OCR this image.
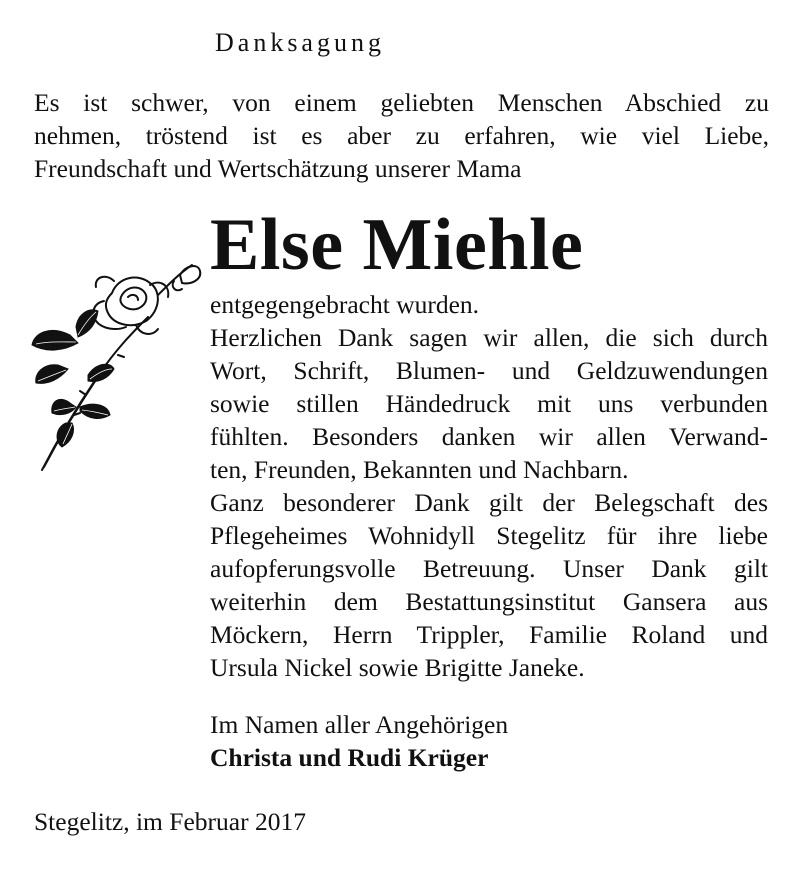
Danksagung
Es ist schwer, von einem geliebten Menschen Abschied zu
nehmen, tröstend ist es aber zu erfahren, wie viel Liebe,
Freundschaft und Wertschätzung unserer Mama
Else Miehle
entgegengebracht wurden.
Herzlichen Dank sagen wir allen, die sich durch
Wort, Schrift, Blumen- und Geldzuwendungen
sowie stillen Händedruck mit uns verbunden
fühlten. Besonders danken wir allen Verwand-
ten, Freunden, Bekannten und Nachbarn.
Ganz besonderer Dank gilt der Belegschaft des
Pflegeheimes Wohnidyll Stegelitz für ihre liebe
aufopferungsvolle Betreuung. Unser Dank gilt
weiterhin dem Bestattungsinstitut Gansera aus
Möckern, Herrn Trippler, Familie Roland und
Ursula Nickel sowie Brigitte Janeke.
Im Namen aller Angehörigen
Christa und Rudi Krüger
Stegelitz, im Februar 2017
